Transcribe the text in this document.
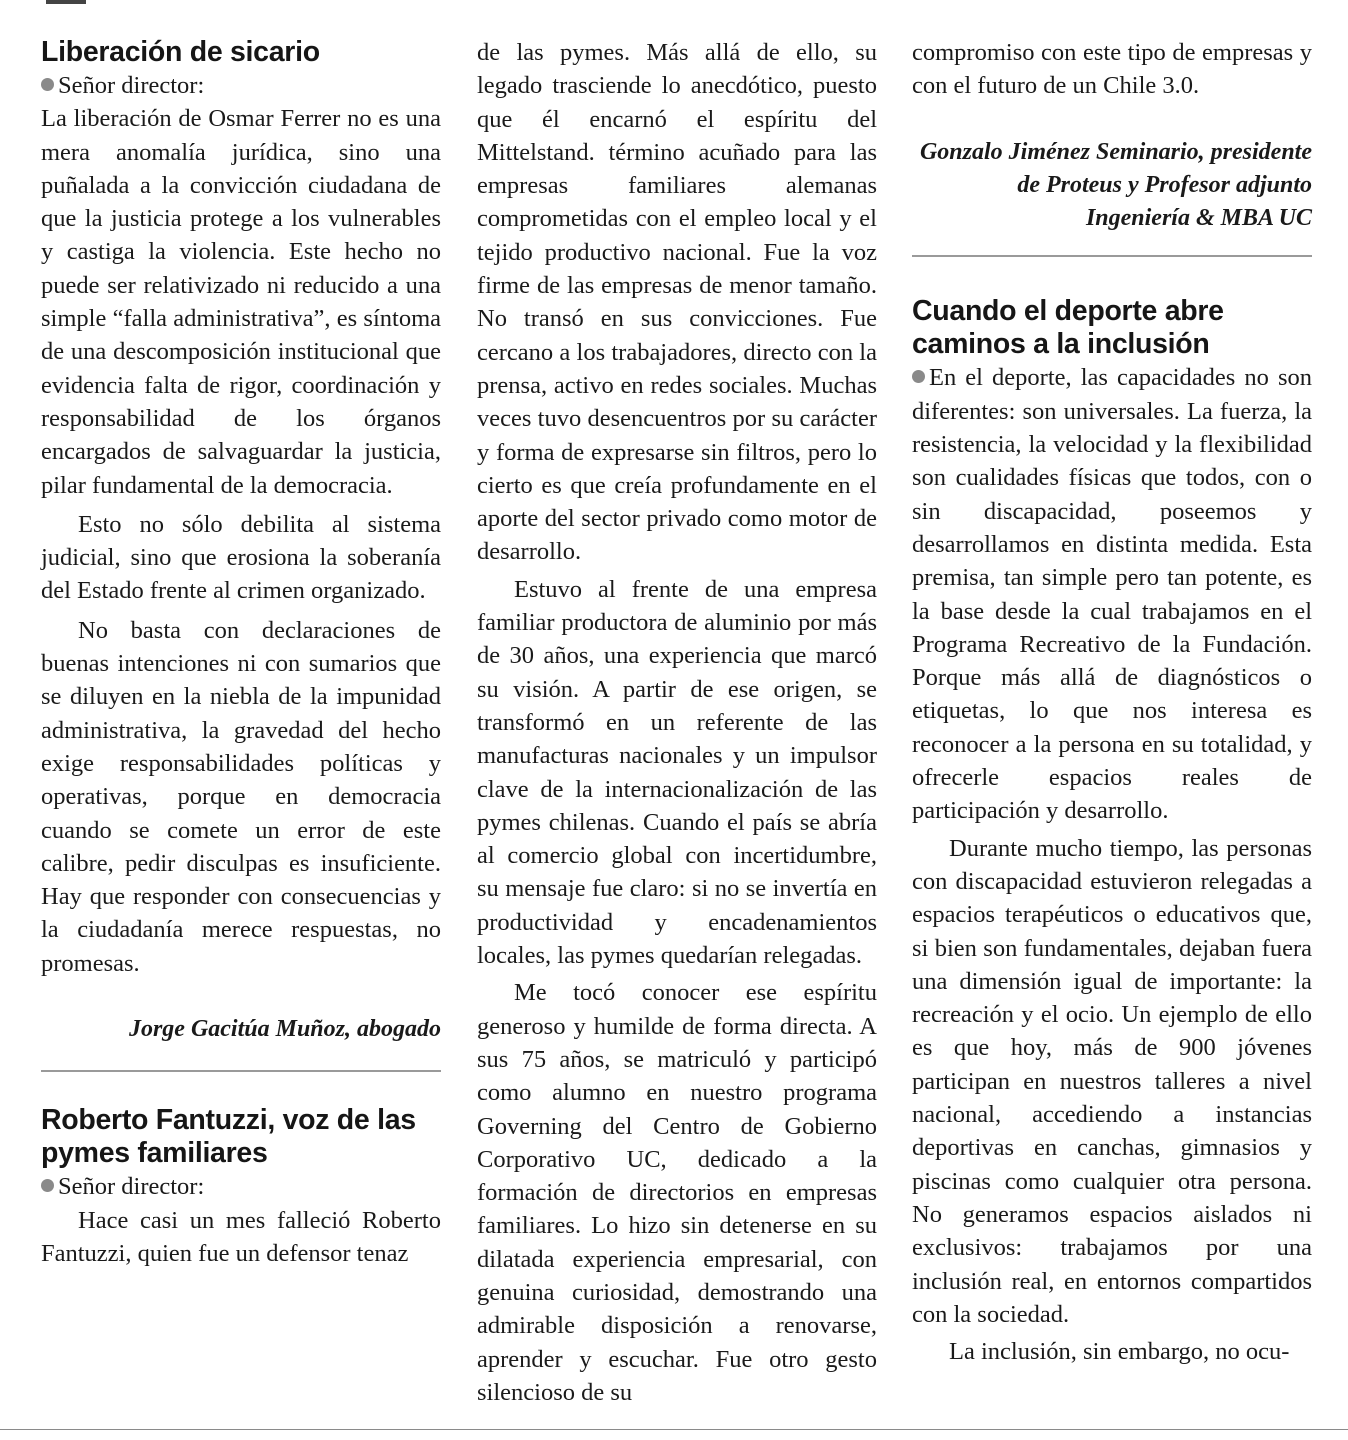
Liberación de sicario

Señor director:

La liberación de Osmar Ferrer no es una mera anomalía jurídica, sino una puñalada a la convicción ciudadana de que la justicia protege a los vulnerables y castiga la violencia. Este hecho no puede ser relativizado ni reducido a una simple “falla administrativa”, es síntoma de una descomposición institucional que evidencia falta de rigor, coordinación y responsabilidad de los órganos encargados de salvaguardar la justicia, pilar fundamental de la democracia.

Esto no sólo debilita al sistema judicial, sino que erosiona la soberanía del Estado frente al crimen organizado.

No basta con declaraciones de buenas intenciones ni con sumarios que se diluyen en la niebla de la impunidad administrativa, la gravedad del hecho exige responsabilidades políticas y operativas, porque en democracia cuando se comete un error de este calibre, pedir disculpas es insuficiente. Hay que responder con consecuencias y la ciudadanía merece respuestas, no promesas.

Jorge Gacitúa Muñoz, abogado

Roberto Fantuzzi, voz de las pymes familiares

Señor director:

Hace casi un mes falleció Roberto Fantuzzi, quien fue un defensor tenaz

de las pymes. Más allá de ello, su legado trasciende lo anecdótico, puesto que él encarnó el espíritu del Mittelstand. término acuñado para las empresas familiares alemanas comprometidas con el empleo local y el tejido productivo nacional. Fue la voz firme de las empresas de menor tamaño. No transó en sus convicciones. Fue cercano a los trabajadores, directo con la prensa, activo en redes sociales. Muchas veces tuvo desencuentros por su carácter y forma de expresarse sin filtros, pero lo cierto es que creía profundamente en el aporte del sector privado como motor de desarrollo.

Estuvo al frente de una empresa familiar productora de aluminio por más de 30 años, una experiencia que marcó su visión. A partir de ese origen, se transformó en un referente de las manufacturas nacionales y un impulsor clave de la internacionalización de las pymes chilenas. Cuando el país se abría al comercio global con incertidumbre, su mensaje fue claro: si no se invertía en productividad y encadenamientos locales, las pymes quedarían relegadas.

Me tocó conocer ese espíritu generoso y humilde de forma directa. A sus 75 años, se matriculó y participó como alumno en nuestro programa Governing del Centro de Gobierno Corporativo UC, dedicado a la formación de directorios en empresas familiares. Lo hizo sin detenerse en su dilatada experiencia empresarial, con genuina curiosidad, demostrando una admirable disposición a renovarse, aprender y escuchar. Fue otro gesto silencioso de su

compromiso con este tipo de empresas y con el futuro de un Chile 3.0.

Gonzalo Jiménez Seminario, presidente de Proteus y Profesor adjunto

Ingeniería & MBA UC

Cuando el deporte abre caminos a la inclusión

En el deporte, las capacidades no son diferentes: son universales. La fuerza, la resistencia, la velocidad y la flexibilidad son cualidades físicas que todos, con o sin discapacidad, poseemos y desarrollamos en distinta medida. Esta premisa, tan simple pero tan potente, es la base desde la cual trabajamos en el Programa Recreativo de la Fundación. Porque más allá de diagnósticos o etiquetas, lo que nos interesa es reconocer a la persona en su totalidad, y ofrecerle espacios reales de participación y desarrollo.

Durante mucho tiempo, las personas con discapacidad estuvieron relegadas a espacios terapéuticos o educativos que, si bien son fundamentales, dejaban fuera una dimensión igual de importante: la recreación y el ocio. Un ejemplo de ello es que hoy, más de 900 jóvenes participan en nuestros talleres a nivel nacional, accediendo a instancias deportivas en canchas, gimnasios y piscinas como cualquier otra persona. No generamos espacios aislados ni exclusivos: trabajamos por una inclusión real, en entornos compartidos con la sociedad.

La inclusión, sin embargo, no ocu-
